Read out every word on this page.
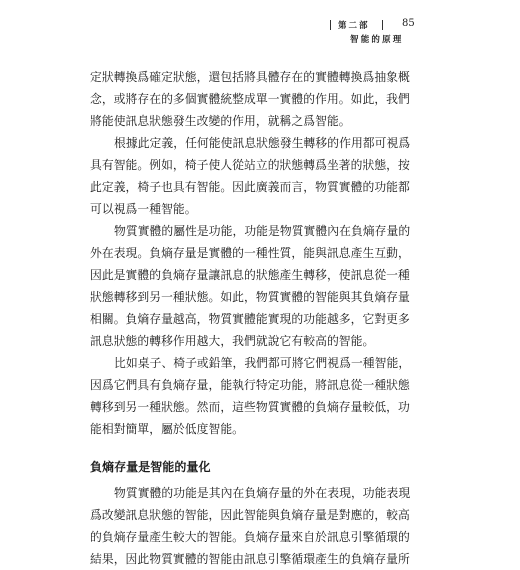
第二部	85
智能的原理
定狀轉換爲確定狀態，還包括將具體存在的實體轉換爲抽象概
念，或將存在的多個實體統整成單一實體的作用。如此，我們
將能使訊息狀態發生改變的作用，就稱之爲智能。
根據此定義，任何能使訊息狀態發生轉移的作用都可視爲
具有智能。例如，椅子使人從站立的狀態轉爲坐著的狀態，按
此定義，椅子也具有智能。因此廣義而言，物質實體的功能都
可以視爲一種智能。
物質實體的屬性是功能，功能是物質實體內在負熵存量的
外在表現。負熵存量是實體的一種性質，能與訊息產生互動，
因此是實體的負熵存量讓訊息的狀態產生轉移，使訊息從一種
狀態轉移到另一種狀態。如此，物質實體的智能與其負熵存量
相關。負熵存量越高，物質實體能實現的功能越多，它對更多
訊息狀態的轉移作用越大，我們就說它有較高的智能。
比如桌子、椅子或鉛筆，我們都可將它們視爲一種智能，
因爲它們具有負熵存量，能執行特定功能，將訊息從一種狀態
轉移到另一種狀態。然而，這些物質實體的負熵存量較低，功
能相對簡單，屬於低度智能。
負熵存量是智能的量化
物質實體的功能是其內在負熵存量的外在表現，功能表現
爲改變訊息狀態的智能，因此智能與負熵存量是對應的，較高
的負熵存量產生較大的智能。負熵存量來自於訊息引擎循環的
結果，因此物質實體的智能由訊息引擎循環產生的負熵存量所
